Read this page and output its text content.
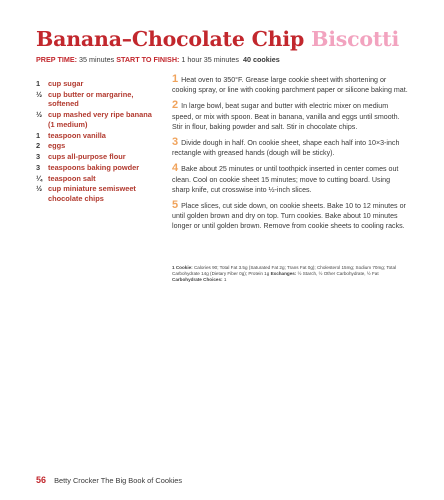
Banana–Chocolate Chip Biscotti
PREP TIME: 35 minutes START TO FINISH: 1 hour 35 minutes 40 cookies
1	cup sugar
½ cup butter or margarine, softened
½ cup mashed very ripe banana (1 medium)
1	teaspoon vanilla
2	eggs
3	cups all-purpose flour
3	teaspoons baking powder
¼ teaspoon salt
½ cup miniature semisweet chocolate chips
1 Heat oven to 350°F. Grease large cookie sheet with shortening or cooking spray, or line with cooking parchment paper or silicone baking mat.
2 In large bowl, beat sugar and butter with electric mixer on medium speed, or mix with spoon. Beat in banana, vanilla and eggs until smooth. Stir in flour, baking powder and salt. Stir in chocolate chips.
3 Divide dough in half. On cookie sheet, shape each half into 10×3-inch rectangle with greased hands (dough will be sticky).
4 Bake about 25 minutes or until toothpick inserted in center comes out clean. Cool on cookie sheet 15 minutes; move to cutting board. Using sharp knife, cut crosswise into ½-inch slices.
5 Place slices, cut side down, on cookie sheets. Bake 10 to 12 minutes or until golden brown and dry on top. Turn cookies. Bake about 10 minutes longer or until golden brown. Remove from cookie sheets to cooling racks.
1 Cookie: Calories 90; Total Fat 3.5g (Saturated Fat 2g; Trans Fat 0g); Cholesterol 15mg; Sodium 70mg; Total Carbohydrate 14g (Dietary Fiber 0g); Protein 1g Exchanges: ½ Starch, ½ Other Carbohydrate, ½ Fat Carbohydrate Choices: 1
56 Betty Crocker The Big Book of Cookies
